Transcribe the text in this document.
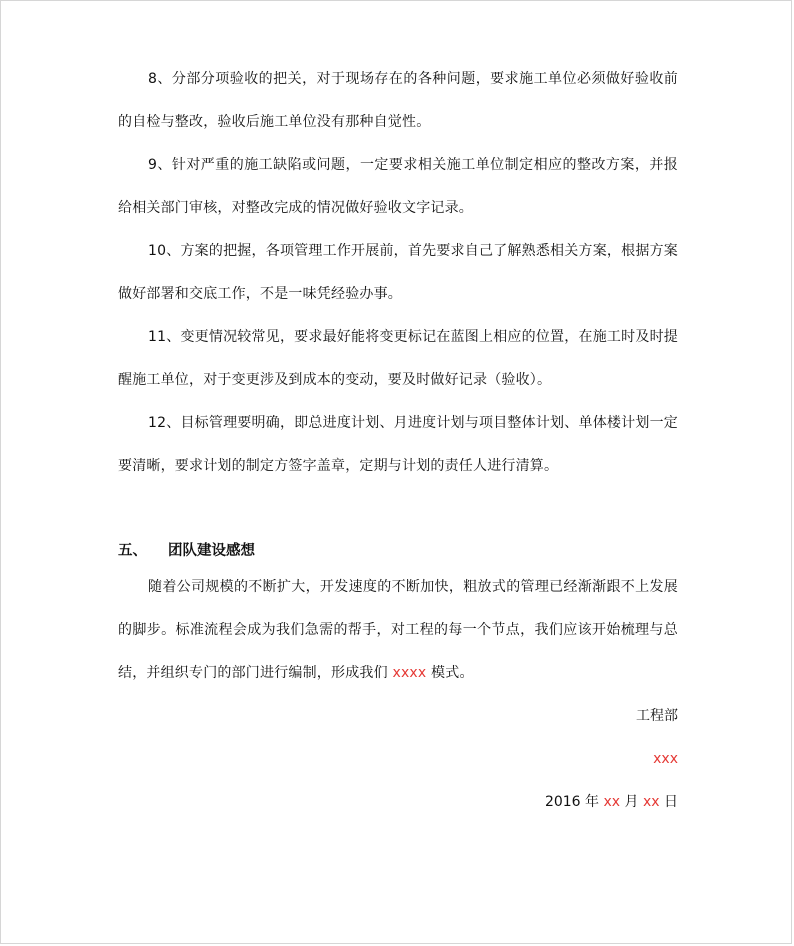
8、分部分项验收的把关，对于现场存在的各种问题，要求施工单位必须做好验收前的自检与整改，验收后施工单位没有那种自觉性。

9、针对严重的施工缺陷或问题，一定要求相关施工单位制定相应的整改方案，并报给相关部门审核，对整改完成的情况做好验收文字记录。

10、方案的把握，各项管理工作开展前，首先要求自己了解熟悉相关方案，根据方案做好部署和交底工作，不是一味凭经验办事。

11、变更情况较常见，要求最好能将变更标记在蓝图上相应的位置，在施工时及时提醒施工单位，对于变更涉及到成本的变动，要及时做好记录（验收）。

12、目标管理要明确，即总进度计划、月进度计划与项目整体计划、单体楼计划一定要清晰，要求计划的制定方签字盖章，定期与计划的责任人进行清算。

五、	团队建设感想

随着公司规模的不断扩大，开发速度的不断加快，粗放式的管理已经渐渐跟不上发展的脚步。标准流程会成为我们急需的帮手，对工程的每一个节点，我们应该开始梳理与总结，并组织专门的部门进行编制，形成我们 xxxx 模式。

工程部

xxx

2016 年 xx 月 xx 日
